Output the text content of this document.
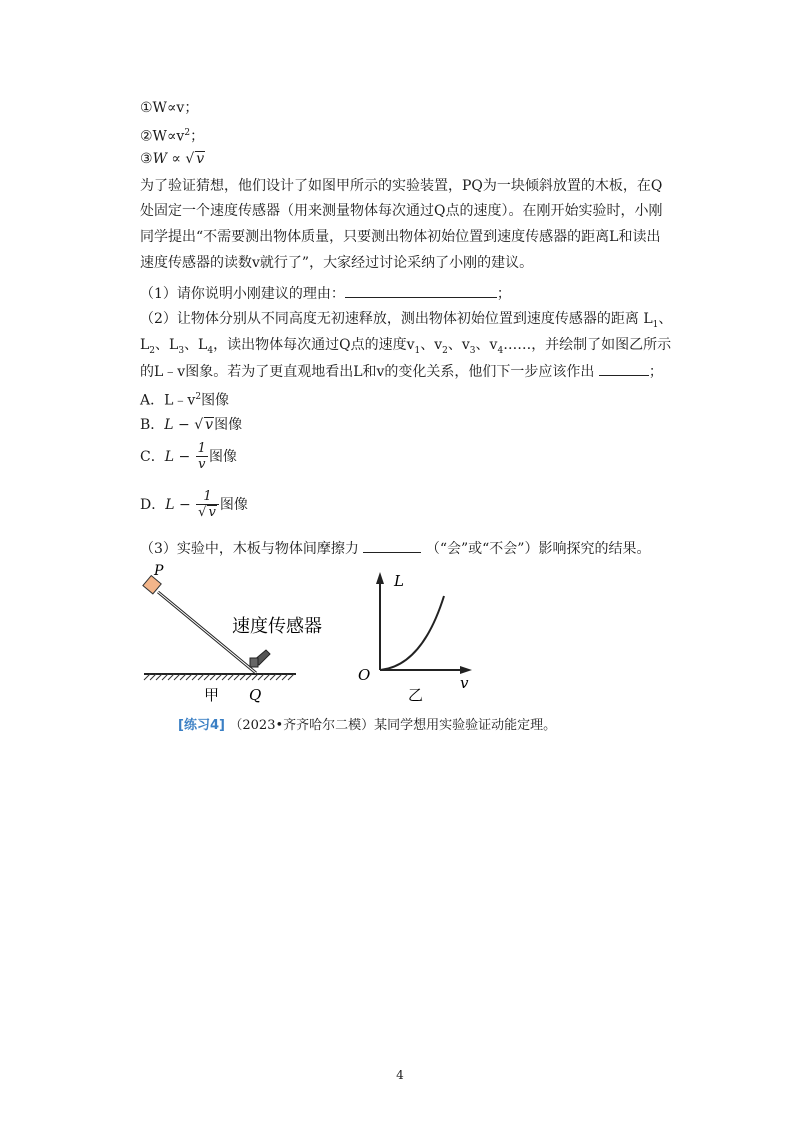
①W∝v；
$②W\propto v^2$；
③W ∝ √ v
为了验证猜想，他们设计了如图甲所示的实验装置，PQ为一块倾斜放置的木板，在Q
处固定一个速度传感器（用来测量物体每次通过Q点的速度）。在刚开始实验时，小刚
同学提出“不需要测出物体质量，只要测出物体初始位置到速度传感器的距离L和读出
速度传感器的读数v就行了”，大家经过讨论采纳了小刚的建议。
（1）请你说明小刚建议的理由：	；
（2）让物体分别从不同高度无初速释放，测出物体初始位置到速度传感器的距离 $L_1$、
$L_2$、$L_3$、$L_4$，读出物体每次通过Q点的速度$v_1$、$v_2$、$v_3$、$v_4\dots\dots$，并绘制了如图乙所示
的L﹣v图象。若为了更直观地看出L和v的变化关系，他们下一步应该作出	；
A．$L﹣v^2$图像
B．L − √ v图像
C．$L - \frac{1}{v}$ 图像
D．$L - \frac{1}{√ v}$ 图像
（3）实验中，木板与物体间摩擦力	（“会”或“不会”）影响探究的结果。
P
速度传感器
甲 Q
L
O	v
乙
[练习4] （2023•齐齐哈尔二模）某同学想用实验验证动能定理。
4
